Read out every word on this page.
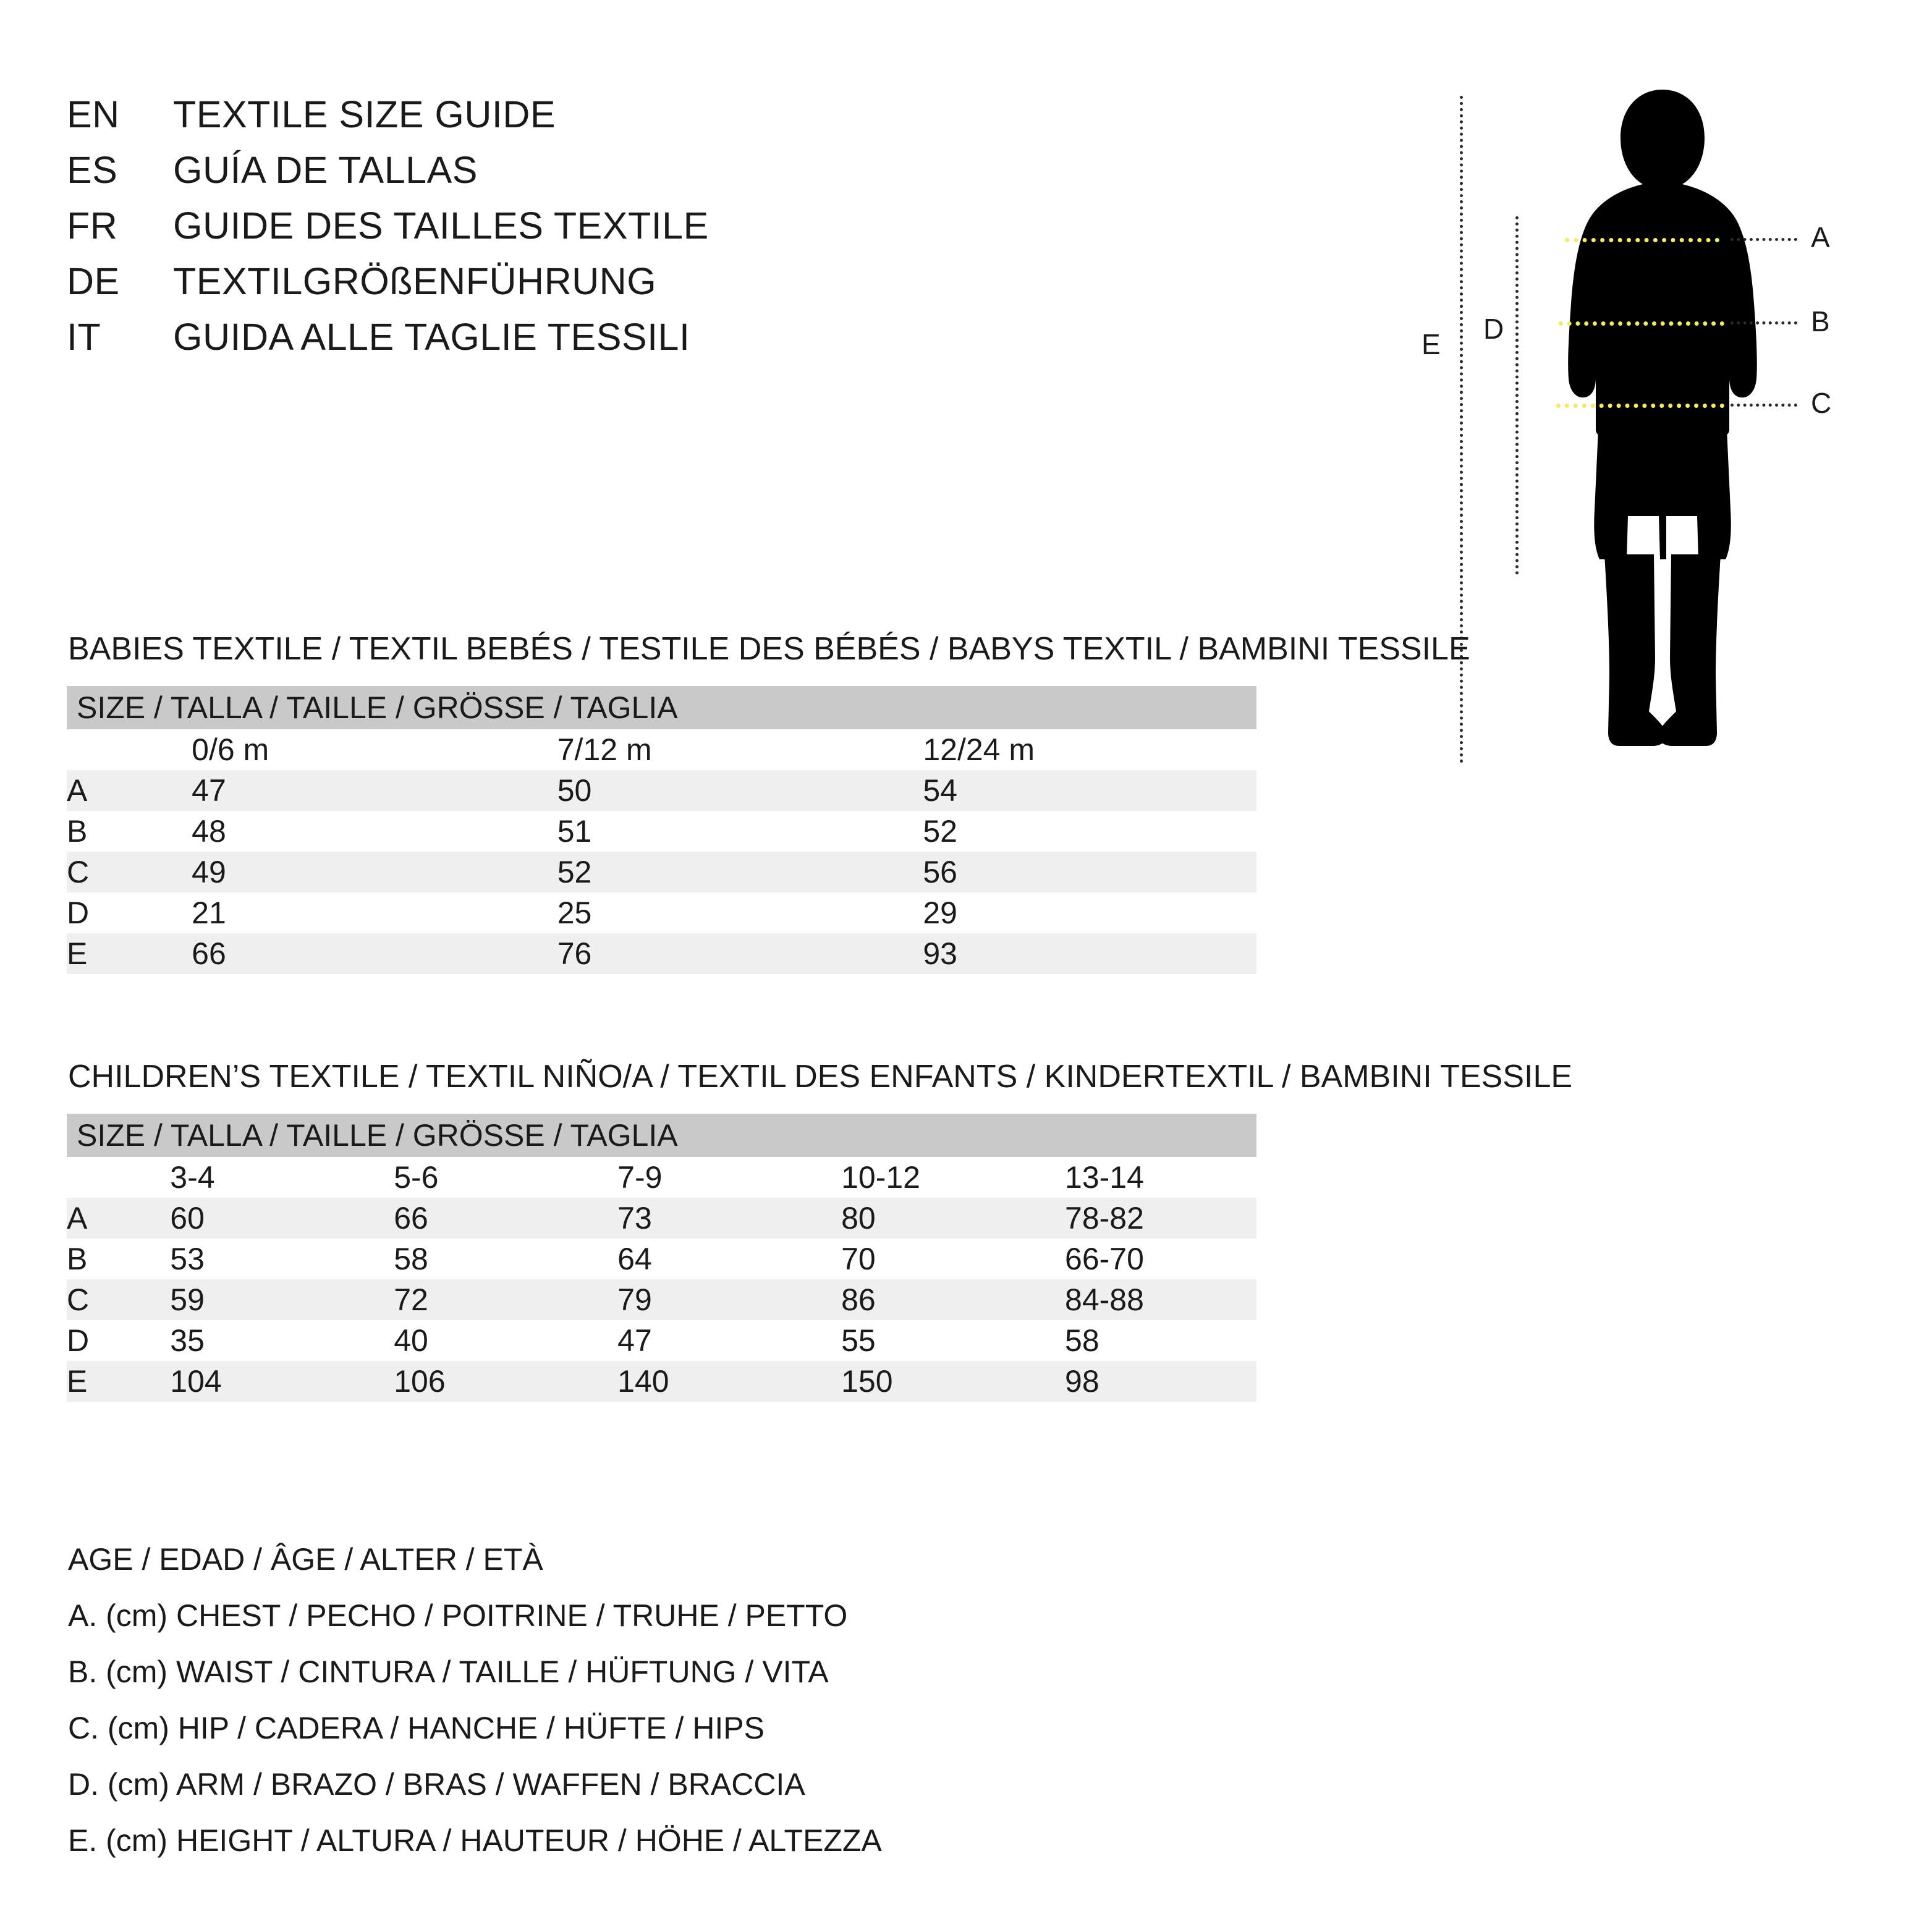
EN	TEXTILE SIZE GUIDE
ES	GUÍA DE TALLAS
FR	GUIDE DES TAILLES TEXTILE
DE	TEXTILGRÖßENFÜHRUNG
IT	GUIDA ALLE TAGLIE TESSILI	E D
A
B
C
BABIES TEXTILE / TEXTIL BEBÉS / TESTILE DES BÉBÉS / BABYS TEXTIL / BAMBINI TESSILE
SIZE / TALLA / TAILLE / GRÖSSE / TAGLIA			
	0/6 m	7/12 m	12/24 m
A	47	50	54
B	48	51	52
C	49	52	56
D	21	25	29
E	66	76	93
CHILDREN’S TEXTILE / TEXTIL NIÑO/A / TEXTIL DES ENFANTS / KINDERTEXTIL / BAMBINI TESSILE
SIZE / TALLA / TAILLE / GRÖSSE / TAGLIA					
	3-4	5-6	7-9	10-12	13-14
A	60	66	73	80	78-82
B	53	58	64	70	66-70
C	59	72	79	86	84-88
D	35	40	47	55	58
E	104	106	140	150	98
AGE / EDAD / ÂGE / ALTER / ETÀ
A. (cm) CHEST / PECHO / POITRINE / TRUHE / PETTO
B. (cm) WAIST / CINTURA / TAILLE / HÜFTUNG / VITA
C. (cm) HIP / CADERA / HANCHE / HÜFTE / HIPS
D. (cm) ARM / BRAZO / BRAS / WAFFEN / BRACCIA
E. (cm) HEIGHT / ALTURA / HAUTEUR / HÖHE / ALTEZZA
